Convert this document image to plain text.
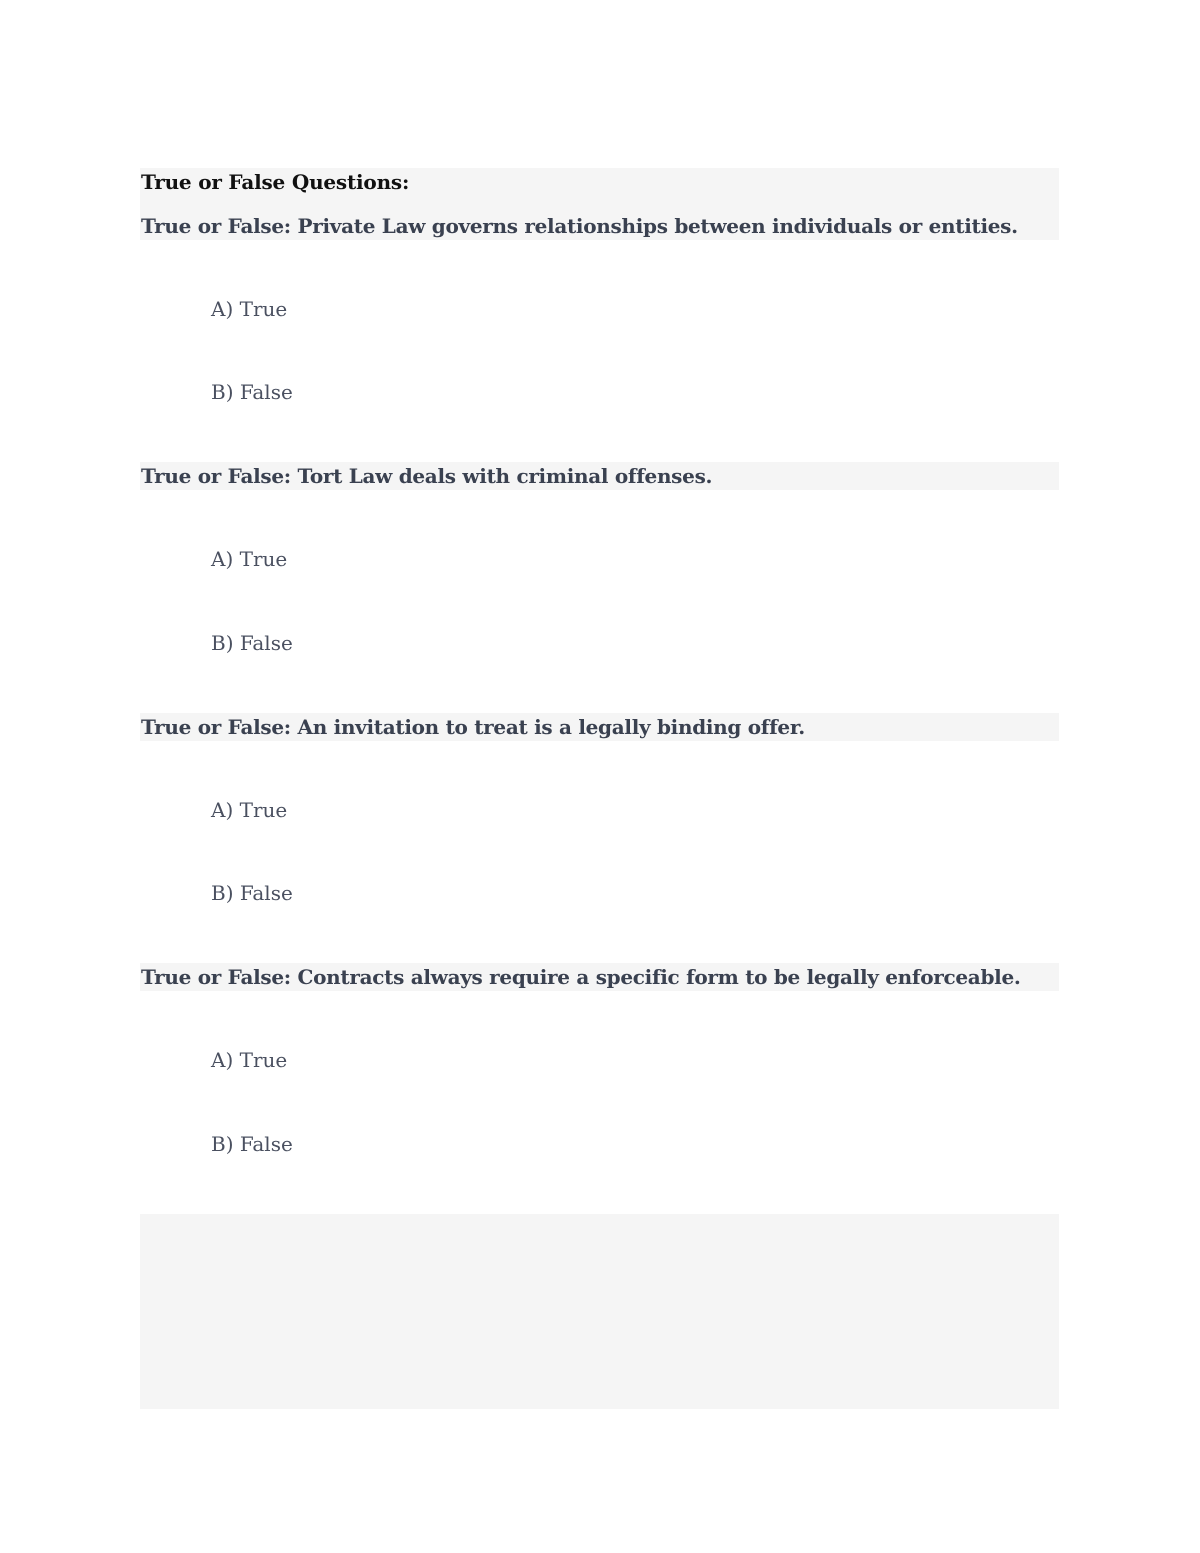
True or False Questions:
True or False: Private Law governs relationships between individuals or entities.
A) True
B) False
True or False: Tort Law deals with criminal offenses.
A) True
B) False
True or False: An invitation to treat is a legally binding offer.
A) True
B) False
True or False: Contracts always require a specific form to be legally enforceable.
A) True
B) False
